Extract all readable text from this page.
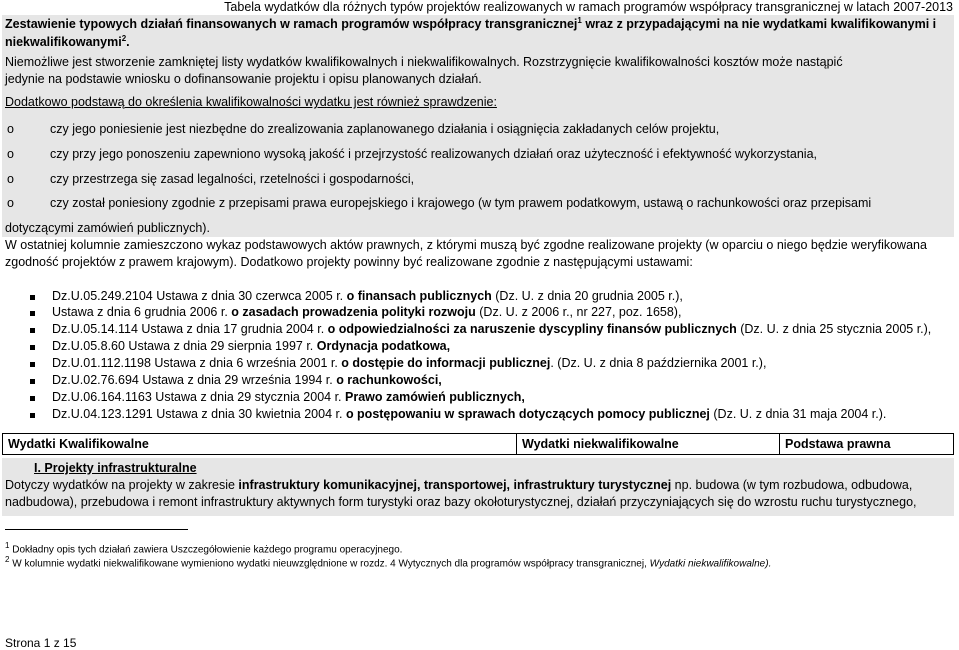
Tabela wydatków dla różnych typów projektów realizowanych w ramach programów współpracy transgranicznej w latach 2007-2013
Zestawienie typowych działań finansowanych w ramach programów współpracy transgranicznej$^1$ wraz z przypadającymi na nie wydatkami kwalifikowanymi i
niekwalifikowanymi$^2$.
Niemożliwe jest stworzenie zamkniętej listy wydatków kwalifikowalnych i niekwalifikowalnych. Rozstrzygnięcie kwalifikowalności kosztów może nastąpić
jedynie na podstawie wniosku o dofinansowanie projektu i opisu planowanych działań.
Dodatkowo podstawą do określenia kwalifikowalności wydatku jest również sprawdzenie:
o	czy jego poniesienie jest niezbędne do zrealizowania zaplanowanego działania i osiągnięcia zakładanych celów projektu,
o	czy przy jego ponoszeniu zapewniono wysoką jakość i przejrzystość realizowanych działań oraz użyteczność i efektywność wykorzystania,
o	czy przestrzega się zasad legalności, rzetelności i gospodarności,
o	czy został poniesiony zgodnie z przepisami prawa europejskiego i krajowego (w tym prawem podatkowym, ustawą o rachunkowości oraz przepisami
dotyczącymi zamówień publicznych).
W ostatniej kolumnie zamieszczono wykaz podstawowych aktów prawnych, z którymi muszą być zgodne realizowane projekty (w oparciu o niego będzie weryfikowana
zgodność projektów z prawem krajowym). Dodatkowo projekty powinny być realizowane zgodnie z następującymi ustawami:
Dz.U.05.249.2104 Ustawa z dnia 30 czerwca 2005 r. o finansach publicznych (Dz. U. z dnia 20 grudnia 2005 r.),
Ustawa z dnia 6 grudnia 2006 r. o zasadach prowadzenia polityki rozwoju (Dz. U. z 2006 r., nr 227, poz. 1658),
Dz.U.05.14.114 Ustawa z dnia 17 grudnia 2004 r. o odpowiedzialności za naruszenie dyscypliny finansów publicznych (Dz. U. z dnia 25 stycznia 2005 r.),
Dz.U.05.8.60 Ustawa z dnia 29 sierpnia 1997 r. Ordynacja podatkowa,
Dz.U.01.112.1198 Ustawa z dnia 6 września 2001 r. o dostępie do informacji publicznej. (Dz. U. z dnia 8 października 2001 r.),
Dz.U.02.76.694 Ustawa z dnia 29 września 1994 r. o rachunkowości,
Dz.U.06.164.1163 Ustawa z dnia 29 stycznia 2004 r. Prawo zamówień publicznych,
Dz.U.04.123.1291 Ustawa z dnia 30 kwietnia 2004 r. o postępowaniu w sprawach dotyczących pomocy publicznej (Dz. U. z dnia 31 maja 2004 r.).
Wydatki Kwalifikowalne	Wydatki niekwalifikowalne	Podstawa prawna
I. Projekty infrastrukturalne
Dotyczy wydatków na projekty w zakresie infrastruktury komunikacyjnej, transportowej, infrastruktury turystycznej np. budowa (w tym rozbudowa, odbudowa,
nadbudowa), przebudowa i remont infrastruktury aktywnych form turystyki oraz bazy okołoturystycznej, działań przyczyniających się do wzrostu ruchu turystycznego,
$^1$ Dokładny opis tych działań zawiera Uszczegółowienie każdego programu operacyjnego.
$^2$ W kolumnie wydatki niekwalifikowane wymieniono wydatki nieuwzględnione w rozdz. 4 Wytycznych dla programów współpracy transgranicznej, Wydatki niekwalifikowalne).
Strona 1 z 15
